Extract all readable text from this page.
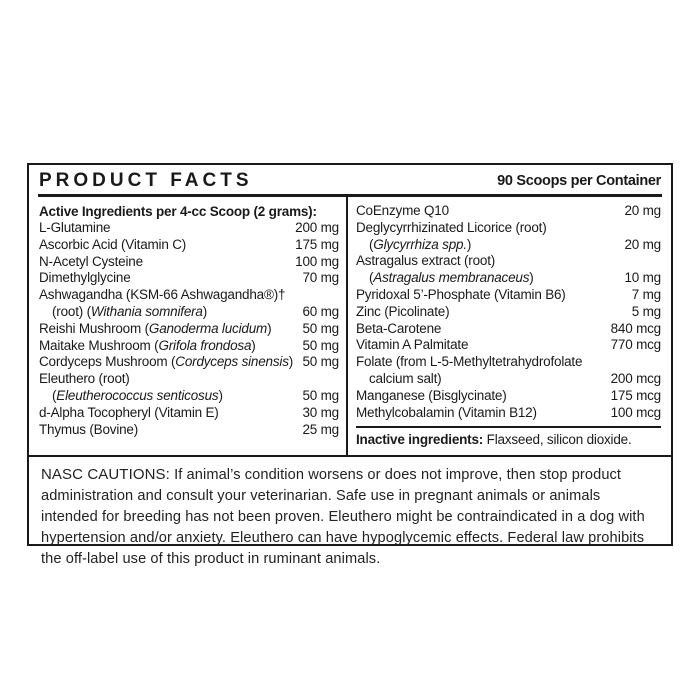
PRODUCT FACTS	90 Scoops per Container
Active Ingredients per 4-cc Scoop (2 grams):
L-Glutamine	200 mg
Ascorbic Acid (Vitamin C)	175 mg
N-Acetyl Cysteine	100 mg
Dimethylglycine	70 mg
Ashwagandha (KSM-66 Ashwagandha®)†
(root) (Withania somnifera)	60 mg
Reishi Mushroom (Ganoderma lucidum)	50 mg
Maitake Mushroom (Grifola frondosa)	50 mg
Cordyceps Mushroom (Cordyceps sinensis) 50 mg
Eleuthero (root)
(Eleutherococcus senticosus)	50 mg
d-Alpha Tocopheryl (Vitamin E)	30 mg
Thymus (Bovine)	25 mg
CoEnzyme Q10	20 mg
Deglycyrrhizinated Licorice (root)
(Glycyrrhiza spp.)	20 mg
Astragalus extract (root)
(Astragalus membranaceus)	10 mg
Pyridoxal 5’-Phosphate (Vitamin B6)	7 mg
Zinc (Picolinate)	5 mg
Beta-Carotene	840 mcg
Vitamin A Palmitate	770 mcg
Folate (from L-5-Methyltetrahydrofolate
calcium salt)	200 mcg
Manganese (Bisglycinate)	175 mcg
Methylcobalamin (Vitamin B12)	100 mcg
Inactive ingredients: Flaxseed, silicon dioxide.
NASC CAUTIONS: If animal’s condition worsens or does not improve, then stop product administration and consult your veterinarian. Safe use in pregnant animals or animals intended for breeding has not been proven. Eleuthero might be contraindicated in a dog with hypertension and/or anxiety. Eleuthero can have hypoglycemic effects. Federal law prohibits the off-label use of this product in ruminant animals.
